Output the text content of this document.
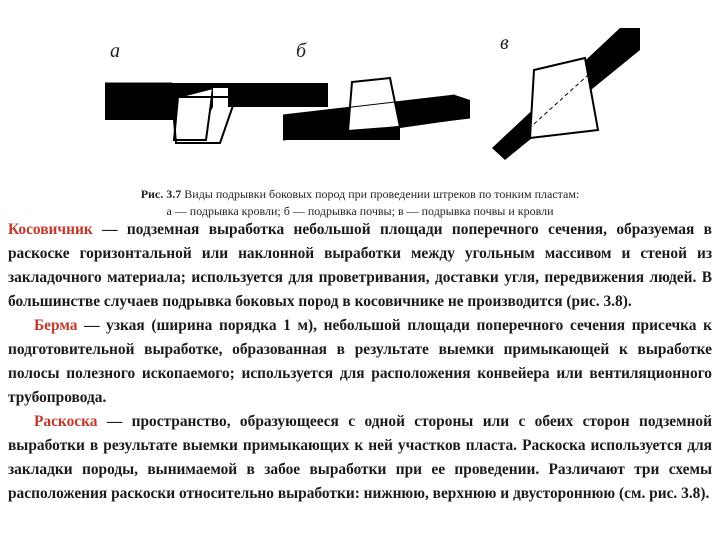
а	б	в
Рис. 3.7 Виды подрывки боковых пород при проведении штреков по тонким пластам:
а — подрывка кровли; б — подрывка почвы; в — подрывка почвы и кровли

Косовичник — подземная выработка небольшой площади поперечного сечения, образуемая в раскоске горизонтальной или наклонной выработки между угольным массивом и стеной из закладочного материала; используется для проветривания, доставки угля, передвижения людей. В большинстве случаев подрывка боковых пород в косовичнике не производится (рис. 3.8).

Берма — узкая (ширина порядка 1 м), небольшой площади поперечного сечения присечка к подготовительной выработке, образованная в результате выемки примыкающей к выработке полосы полезного ископаемого; используется для расположения конвейера или вентиляционного трубопровода.

Раскоска — пространство, образующееся с одной стороны или с обеих сторон подземной выработки в результате выемки примыкающих к ней участков пласта. Раскоска используется для закладки породы, вынимаемой в забое выработки при ее проведении. Различают три схемы расположения раскоски относительно выработки: нижнюю, верхнюю и двустороннюю (см. рис. 3.8).
